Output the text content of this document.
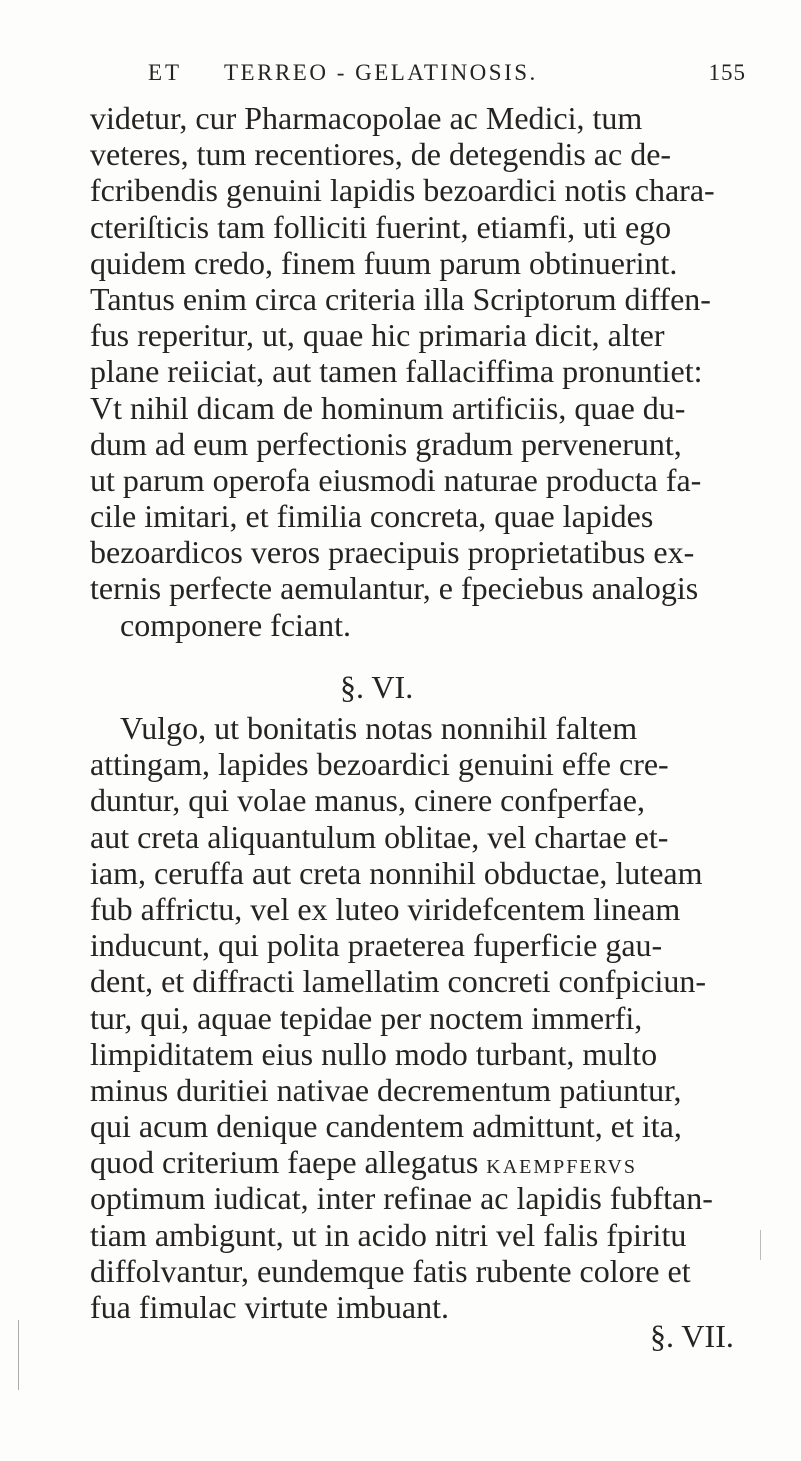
ET TERREO - GELATINOSIS.	155
videtur, cur Pharmacopolae ac Medici, tum
veteres, tum recentiores, de detegendis ac de-
fcribendis genuini lapidis bezoardici notis chara-
cteriſticis tam folliciti fuerint, etiamfi, uti ego
quidem credo, finem fuum parum obtinuerint.
Tantus enim circa criteria illa Scriptorum diffen-
fus reperitur, ut, quae hic primaria dicit, alter
plane reiiciat, aut tamen fallaciffima pronuntiet:
Vt nihil dicam de hominum artificiis, quae du-
dum ad eum perfectionis gradum pervenerunt,
ut parum operofa eiusmodi naturae producta fa-
cile imitari, et fimilia concreta, quae lapides
bezoardicos veros praecipuis proprietatibus ex-
ternis perfecte aemulantur, e fpeciebus analogis
componere fciant.
§. VI.
Vulgo, ut bonitatis notas nonnihil faltem
attingam, lapides bezoardici genuini effe cre-
duntur, qui volae manus, cinere confperfae,
aut creta aliquantulum oblitae, vel chartae et-
iam, ceruffa aut creta nonnihil obductae, luteam
fub affrictu, vel ex luteo viridefcentem lineam
inducunt, qui polita praeterea fuperficie gau-
dent, et diffracti lamellatim concreti confpiciun-
tur, qui, aquae tepidae per noctem immerfi,
limpiditatem eius nullo modo turbant, multo
minus duritiei nativae decrementum patiuntur,
qui acum denique candentem admittunt, et ita,
quod criterium faepe allegatus KAEMPFERVS
optimum iudicat, inter refinae ac lapidis fubftan-
tiam ambigunt, ut in acido nitri vel falis fpiritu
diffolvantur, eundemque fatis rubente colore et
fua fimulac virtute imbuant.
§. VII.
